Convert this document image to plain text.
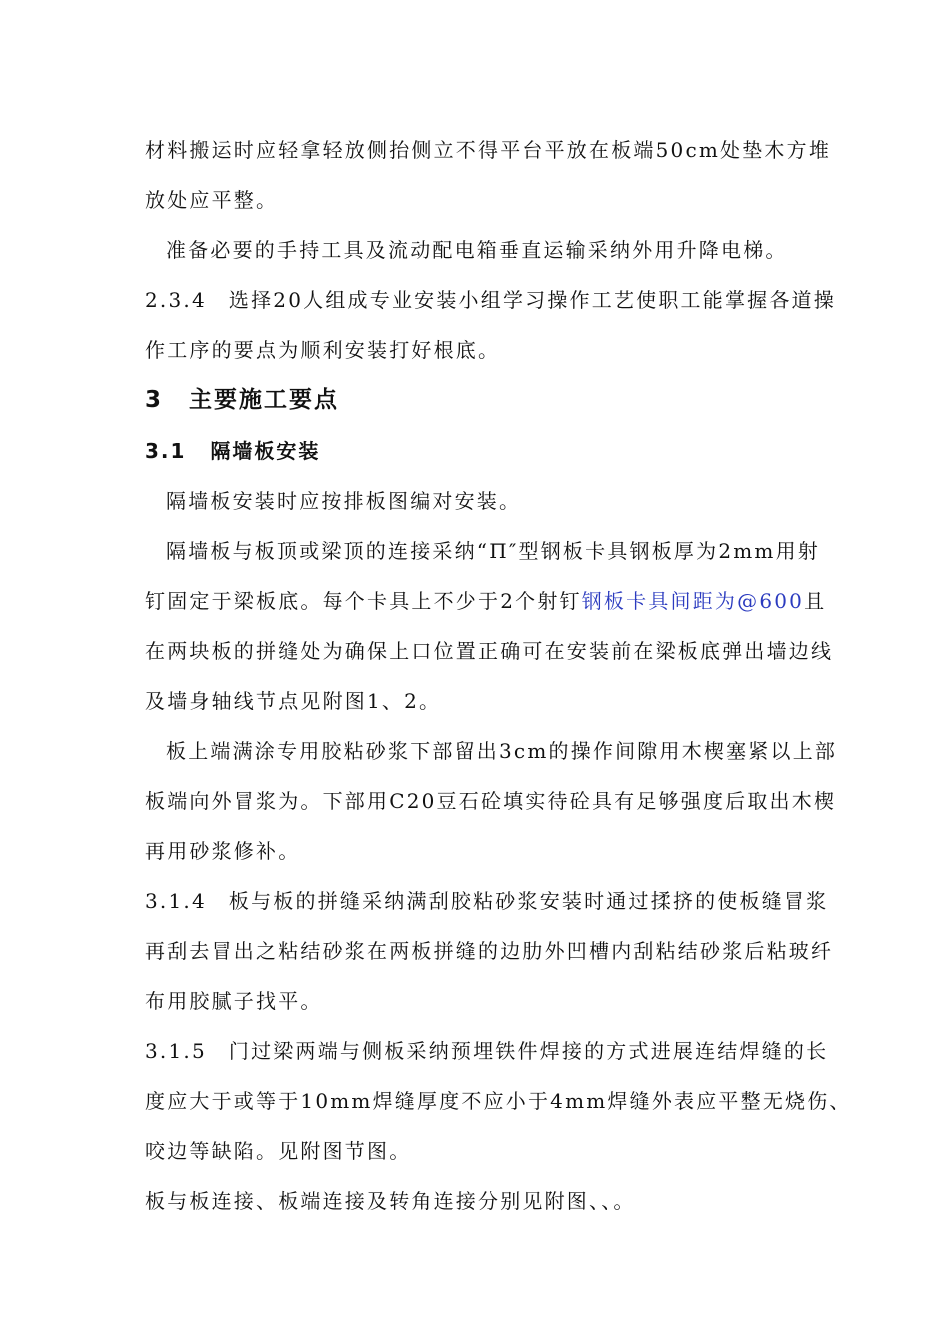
材料搬运时应轻拿轻放侧抬侧立不得平台平放在板端50cm处垫木方堆
放处应平整。
准备必要的手持工具及流动配电箱垂直运输采纳外用升降电梯。
2.3.4 选择20人组成专业安装小组学习操作工艺使职工能掌握各道操
作工序的要点为顺利安装打好根底。
3 主要施工要点
3.1 隔墙板安装
隔墙板安装时应按排板图编对安装。
隔墙板与板顶或梁顶的连接采纳“Π″型钢板卡具钢板厚为2mm用射
钉固定于梁板底。每个卡具上不少于2个射钉钢板卡具间距为@600且
在两块板的拼缝处为确保上口位置正确可在安装前在梁板底弹出墙边线
及墙身轴线节点见附图1、2。
板上端满涂专用胶粘砂浆下部留出3cm的操作间隙用木楔塞紧以上部
板端向外冒浆为。下部用C20豆石砼填实待砼具有足够强度后取出木楔
再用砂浆修补。
3.1.4 板与板的拼缝采纳满刮胶粘砂浆安装时通过揉挤的使板缝冒浆
再刮去冒出之粘结砂浆在两板拼缝的边肋外凹槽内刮粘结砂浆后粘玻纤
布用胶腻子找平。
3.1.5 门过梁两端与侧板采纳预埋铁件焊接的方式进展连结焊缝的长
度应大于或等于10mm焊缝厚度不应小于4mm焊缝外表应平整无烧伤、
咬边等缺陷。见附图节图。
板与板连接、板端连接及转角连接分别见附图、、。
